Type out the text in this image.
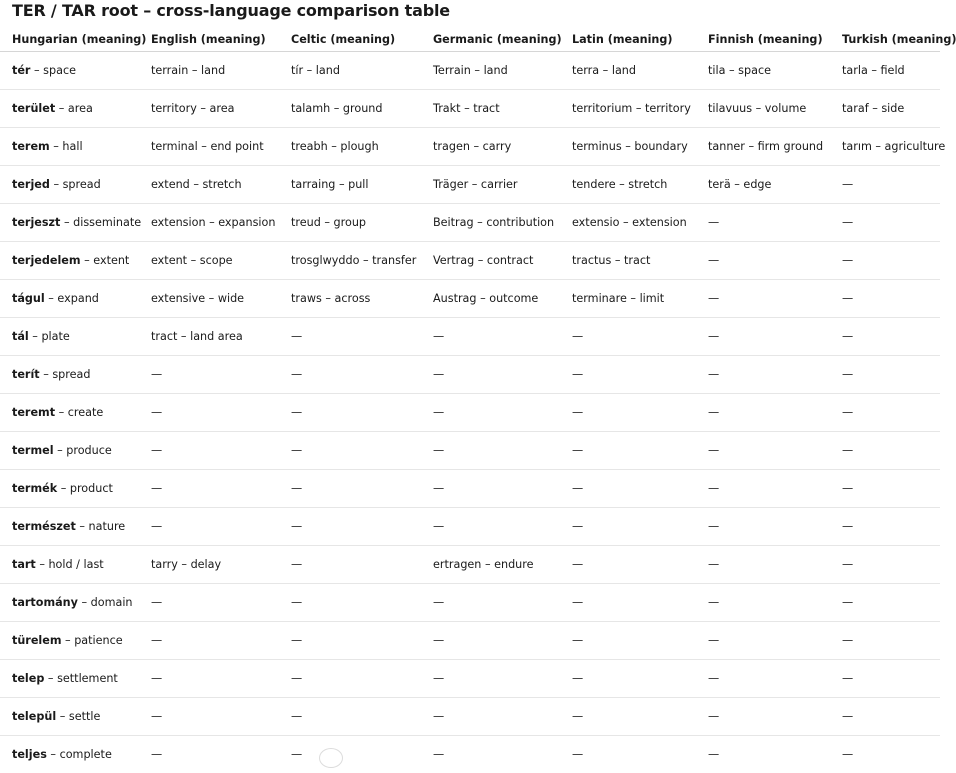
TER / TAR root – cross-language comparison table
Hungarian (meaning)	English (meaning)	Celtic (meaning)	Germanic (meaning)	Latin (meaning)	Finnish (meaning)	Turkish (meaning)
tér – space	terrain – land	tír – land	Terrain – land	terra – land	tila – space	tarla – field
terület – area	territory – area	talamh – ground	Trakt – tract	territorium – territory	tilavuus – volume	taraf – side
terem – hall	terminal – end point	treabh – plough	tragen – carry	terminus – boundary	tanner – firm ground	tarım – agriculture
terjed – spread	extend – stretch	tarraing – pull	Träger – carrier	tendere – stretch	terä – edge	—
terjeszt – disseminate	extension – expansion	treud – group	Beitrag – contribution	extensio – extension	—	—
terjedelem – extent	extent – scope	trosglwyddo – transfer	Vertrag – contract	tractus – tract	—	—
tágul – expand	extensive – wide	traws – across	Austrag – outcome	terminare – limit	—	—
tál – plate	tract – land area	—	—	—	—	—
terít – spread	—	—	—	—	—	—
teremt – create	—	—	—	—	—	—
termel – produce	—	—	—	—	—	—
termék – product	—	—	—	—	—	—
természet – nature	—	—	—	—	—	—
tart – hold / last	tarry – delay	—	ertragen – endure	—	—	—
tartomány – domain	—	—	—	—	—	—
türelem – patience	—	—	—	—	—	—
telep – settlement	—	—	—	—	—	—
települ – settle	—	—	—	—	—	—
teljes – complete	—	—	—	—	—	—
